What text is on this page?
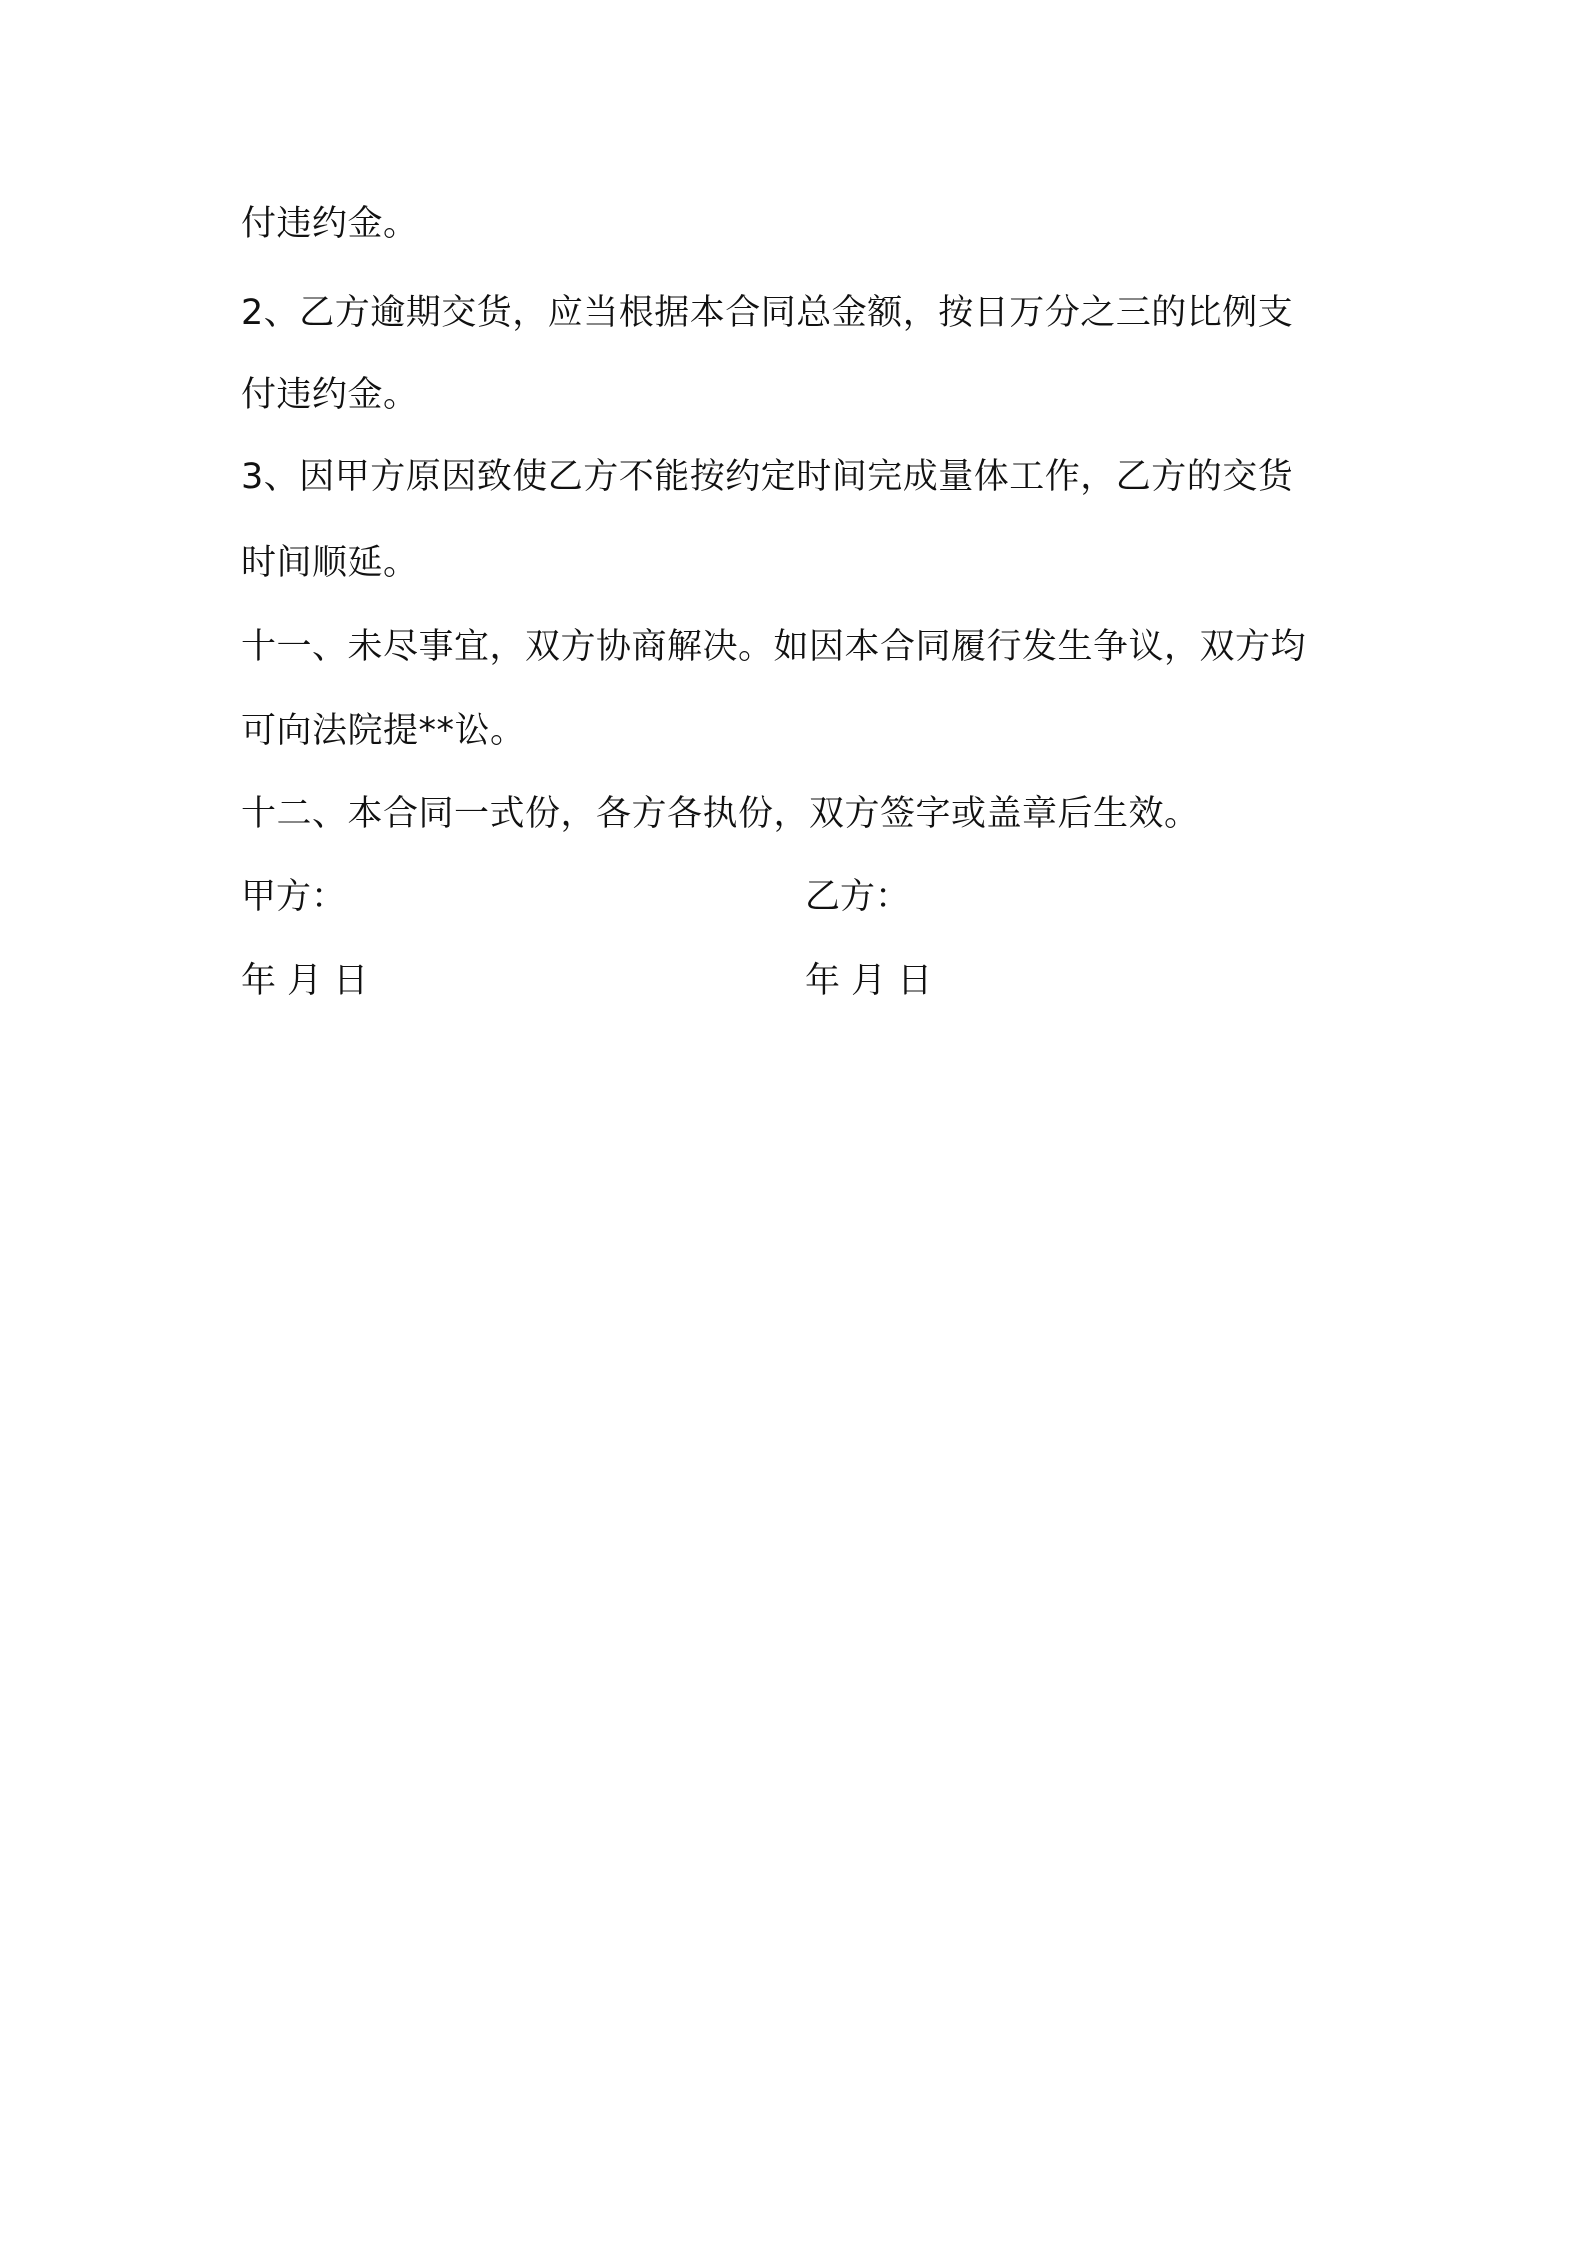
付违约金。
2、乙方逾期交货，应当根据本合同总金额，按日万分之三的比例支
付违约金。
3、因甲方原因致使乙方不能按约定时间完成量体工作，乙方的交货
时间顺延。
十一、未尽事宜，双方协商解决。如因本合同履行发生争议，双方均
可向法院提**讼。
十二、本合同一式份，各方各执份，双方签字或盖章后生效。
甲方：	乙方：
年 月 日	年 月 日
